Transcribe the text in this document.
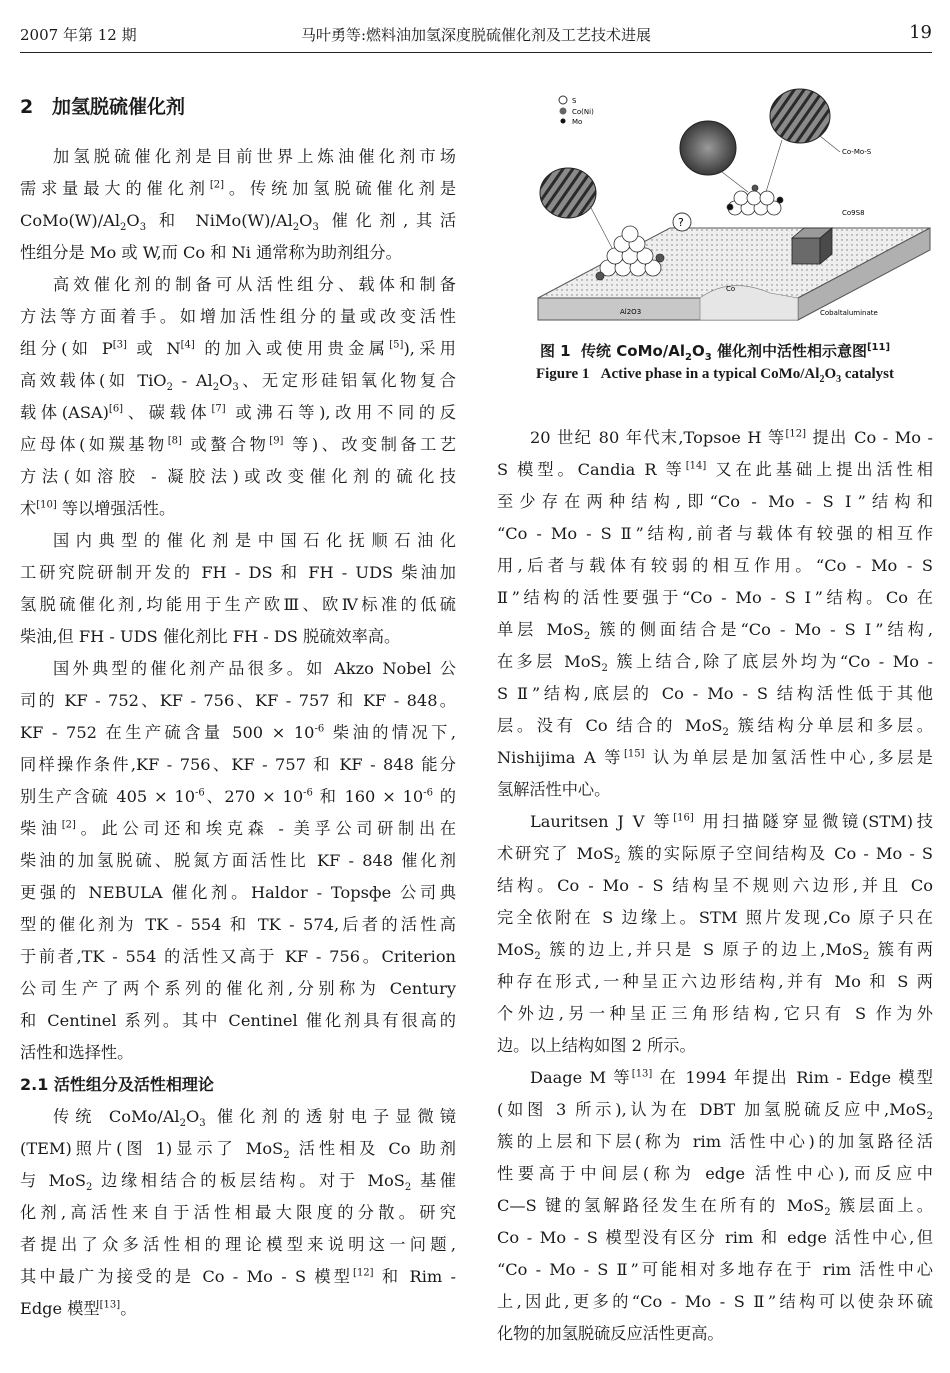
2007 年第 12 期	马叶勇等:燃料油加氢深度脱硫催化剂及工艺技术进展	19
2 加氢脱硫催化剂
加氢脱硫催化剂是目前世界上炼油催化剂市场
需求量最大的催化剂[2]。传统加氢脱硫催化剂是
$CoMo(W)/Al_2O_3$ 和 $NiMo(W)/Al_2O_3$ 催化剂,其活
性组分是 Mo 或 W,而 Co 和 Ni 通常称为助剂组分。
高效催化剂的制备可从活性组分、载体和制备
方法等方面着手。如增加活性组分的量或改变活性
组分(如 P[3] 或 N[4] 的加入或使用贵金属[5]),采用
高效载体(如 $TiO_2 - Al_2O_3$、无定形硅铝氧化物复合
载体(ASA)[6]、碳载体[7] 或沸石等),改用不同的反
应母体(如羰基物[8] 或螯合物[9] 等)、改变制备工艺
方法(如溶胶 - 凝胶法)或改变催化剂的硫化技
术[10] 等以增强活性。
国内典型的催化剂是中国石化抚顺石油化
工研究院研制开发的 FH - DS 和 FH - UDS 柴油加
氢脱硫催化剂,均能用于生产欧Ⅲ、欧Ⅳ标准的低硫
柴油,但 FH - UDS 催化剂比 FH - DS 脱硫效率高。
国外典型的催化剂产品很多。如 Akzo Nobel 公
司的 KF - 752、KF - 756、KF - 757 和 KF - 848。
KF - 752 在生产硫含量 $500 \times 10^{-6}$ 柴油的情况下,
同样操作条件,KF - 756、KF - 757 和 KF - 848 能分
别生产含硫 $405 \times 10^{-6}$、$270 \times 10^{-6}$ 和 $160 \times 10^{-6}$ 的
柴油[2]。此公司还和埃克森 - 美孚公司研制出在
柴油的加氢脱硫、脱氮方面活性比 KF - 848 催化剂
更强的 NEBULA 催化剂。Haldor - Topsфe 公司典
型的催化剂为 TK - 554 和 TK - 574,后者的活性高
于前者,TK - 554 的活性又高于 KF - 756。Criterion
公司生产了两个系列的催化剂,分别称为 Century
和 Centinel 系列。其中 Centinel 催化剂具有很高的
活性和选择性。
2.1 活性组分及活性相理论
传统 CoMo/$Al_2O_3$ 催化剂的透射电子显微镜
(TEM)照片(图 1)显示了 MoS$_2$ 活性相及 Co 助剂
与 MoS$_2$ 边缘相结合的板层结构。对于 MoS$_2$ 基催
化剂,高活性来自于活性相最大限度的分散。研究
者提出了众多活性相的理论模型来说明这一问题,
其中最广为接受的是 Co - Mo - S 模型[12] 和 Rim -
Edge 模型[13]。
S
Co(Ni)
Mo
Al2O3
Co
Cobaltaluminate
Co9S8
Co-Mo-S
?
图 1  传统 CoMo/$Al_2O_3$ 催化剂中活性相示意图[11]
Figure 1   Active phase in a typical CoMo/$Al_2O_3$ catalyst
20 世纪 80 年代末,Topsoe H 等[12] 提出 Co - Mo -
S 模型。Candia R 等[14] 又在此基础上提出活性相
至少存在两种结构,即“Co - Mo - S Ⅰ”结构和
“Co - Mo - S Ⅱ”结构,前者与载体有较强的相互作
用,后者与载体有较弱的相互作用。“Co - Mo - S
Ⅱ”结构的活性要强于“Co - Mo - S Ⅰ”结构。Co 在
单层 MoS$_2$ 簇的侧面结合是“Co - Mo - S Ⅰ”结构,
在多层 MoS$_2$ 簇上结合,除了底层外均为“Co - Mo -
S Ⅱ”结构,底层的 Co - Mo - S 结构活性低于其他
层。没有 Co 结合的 MoS$_2$ 簇结构分单层和多层。
Nishijima A 等[15] 认为单层是加氢活性中心,多层是
氢解活性中心。
Lauritsen J V 等[16] 用扫描隧穿显微镜(STM)技
术研究了 MoS$_2$ 簇的实际原子空间结构及 Co - Mo - S
结构。Co - Mo - S 结构呈不规则六边形,并且 Co
完全依附在 S 边缘上。STM 照片发现,Co 原子只在
MoS$_2$ 簇的边上,并只是 S 原子的边上,MoS$_2$ 簇有两
种存在形式,一种呈正六边形结构,并有 Mo 和 S 两
个外边,另一种呈正三角形结构,它只有 S 作为外
边。以上结构如图 2 所示。
Daage M 等[13] 在 1994 年提出 Rim - Edge 模型
(如图 3 所示),认为在 DBT 加氢脱硫反应中,MoS$_2$
簇的上层和下层(称为 rim 活性中心)的加氢路径活
性要高于中间层(称为 edge 活性中心),而反应中
C—S 键的氢解路径发生在所有的 MoS$_2$ 簇层面上。
Co - Mo - S 模型没有区分 rim 和 edge 活性中心,但
“Co - Mo - S Ⅱ”可能相对多地存在于 rim 活性中心
上,因此,更多的“Co - Mo - S Ⅱ”结构可以使杂环硫
化物的加氢脱硫反应活性更高。
